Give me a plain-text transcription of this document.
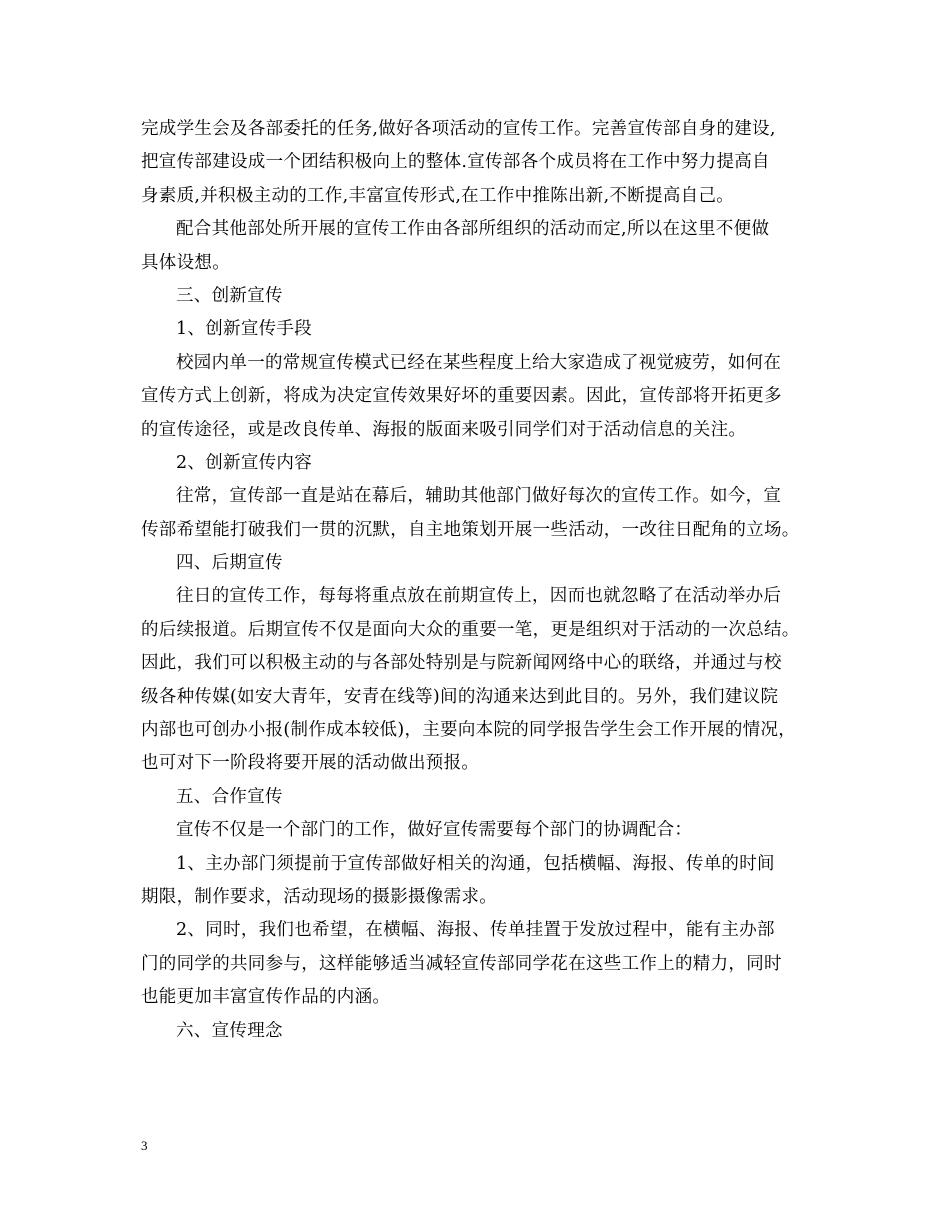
完成学生会及各部委托的任务,做好各项活动的宣传工作。完善宣传部自身的建设,
把宣传部建设成一个团结积极向上的整体.宣传部各个成员将在工作中努力提高自
身素质,并积极主动的工作,丰富宣传形式,在工作中推陈出新,不断提高自己。
配合其他部处所开展的宣传工作由各部所组织的活动而定,所以在这里不便做
具体设想。
三、创新宣传
1、创新宣传手段
校园内单一的常规宣传模式已经在某些程度上给大家造成了视觉疲劳，如何在
宣传方式上创新，将成为决定宣传效果好坏的重要因素。因此，宣传部将开拓更多
的宣传途径，或是改良传单、海报的版面来吸引同学们对于活动信息的关注。
2、创新宣传内容
往常，宣传部一直是站在幕后，辅助其他部门做好每次的宣传工作。如今，宣
传部希望能打破我们一贯的沉默，自主地策划开展一些活动，一改往日配角的立场。
四、后期宣传
往日的宣传工作，每每将重点放在前期宣传上，因而也就忽略了在活动举办后
的后续报道。后期宣传不仅是面向大众的重要一笔，更是组织对于活动的一次总结。
因此，我们可以积极主动的与各部处特别是与院新闻网络中心的联络，并通过与校
级各种传媒(如安大青年，安青在线等)间的沟通来达到此目的。另外，我们建议院
内部也可创办小报(制作成本较低)，主要向本院的同学报告学生会工作开展的情况，
也可对下一阶段将要开展的活动做出预报。
五、合作宣传
宣传不仅是一个部门的工作，做好宣传需要每个部门的协调配合：
1、主办部门须提前于宣传部做好相关的沟通，包括横幅、海报、传单的时间
期限，制作要求，活动现场的摄影摄像需求。
2、同时，我们也希望，在横幅、海报、传单挂置于发放过程中，能有主办部
门的同学的共同参与，这样能够适当减轻宣传部同学花在这些工作上的精力，同时
也能更加丰富宣传作品的内涵。
六、宣传理念
3
